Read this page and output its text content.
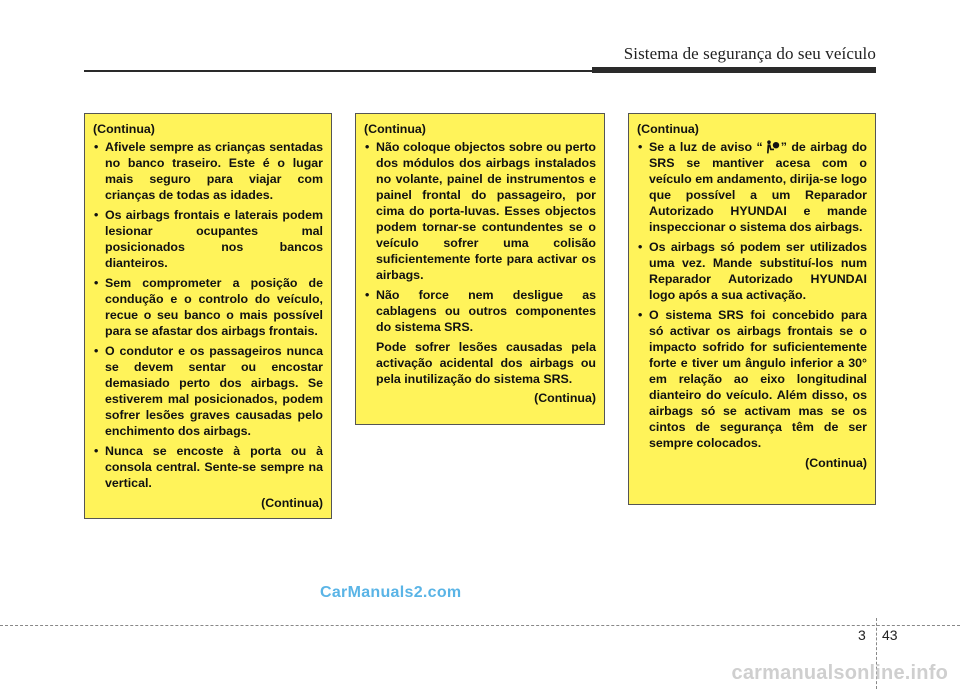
Sistema de segurança do seu veículo
(Continua)
• Afivele sempre as crianças sentadas no banco traseiro. Este é o lugar mais seguro para viajar com crianças de todas as idades.
• Os airbags frontais e laterais podem lesionar ocupantes mal posicionados nos bancos dianteiros.
• Sem comprometer a posição de condução e o controlo do veículo, recue o seu banco o mais possível para se afastar dos airbags frontais.
• O condutor e os passageiros nunca se devem sentar ou encostar demasiado perto dos airbags. Se estiverem mal posicionados, podem sofrer lesões graves causadas pelo enchimento dos airbags.
• Nunca se encoste à porta ou à consola central. Sente-se sempre na vertical.
(Continua)
(Continua)
• Não coloque objectos sobre ou perto dos módulos dos airbags instalados no volante, painel de instrumentos e painel frontal do passageiro, por cima do porta-luvas. Esses objectos podem tornar-se contundentes se o veículo sofrer uma colisão suficientemente forte para activar os airbags.
• Não force nem desligue as cablagens ou outros componentes do sistema SRS.
Pode sofrer lesões causadas pela activação acidental dos airbags ou pela inutilização do sistema SRS.
(Continua)
(Continua)
• Se a luz de aviso “ ” de airbag do SRS se mantiver acesa com o veículo em andamento, dirija-se logo que possível a um Reparador Autorizado HYUNDAI e mande inspeccionar o sistema dos airbags.
• Os airbags só podem ser utilizados uma vez. Mande substituí-los num Reparador Autorizado HYUNDAI logo após a sua activação.
• O sistema SRS foi concebido para só activar os airbags frontais se o impacto sofrido for suficientemente forte e tiver um ângulo inferior a 30° em relação ao eixo longitudinal dianteiro do veículo. Além disso, os airbags só se activam mas se os cintos de segurança têm de ser sempre colocados.
(Continua)
CarManuals2.com
3 43
carmanualsonline.info
